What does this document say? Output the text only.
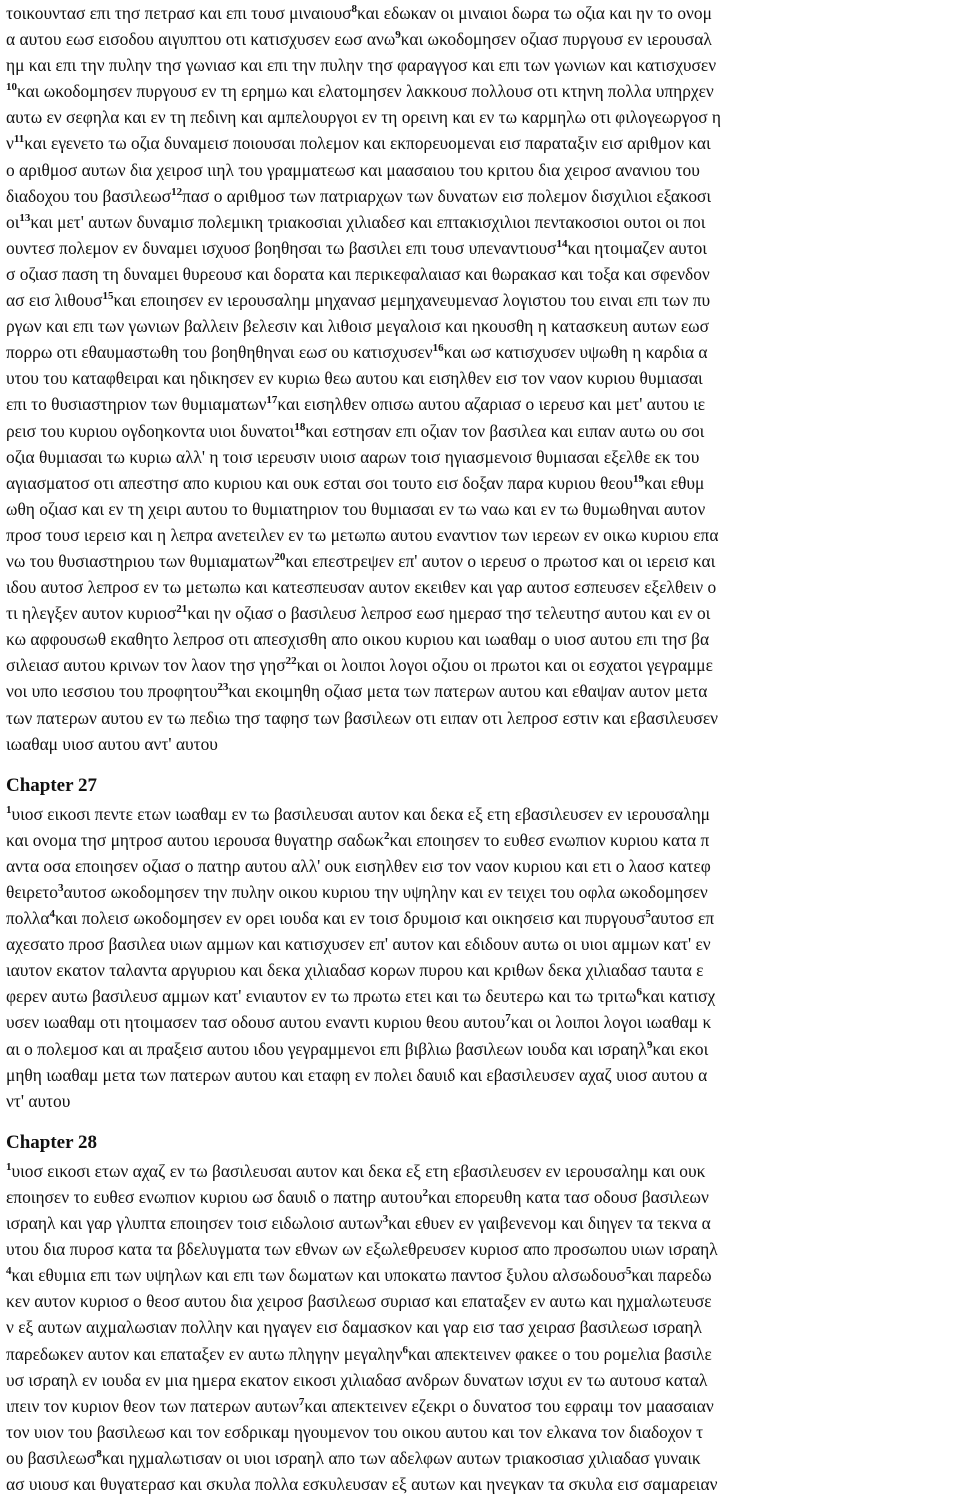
τοικουντασ επι τησ πετρασ και επι τουσ μιναιουσ$^8$και εδωκαν οι μιναιοι δωρα τω οζια και ην το ονομ
α αυτου εωσ εισοδου αιγυπτου οτι κατισχυσεν εωσ ανω$^9$και ωκοδομησεν οζιασ πυργουσ εν ιερουσαλ
ημ και επι την πυλην τησ γωνιασ και επι την πυλην τησ φαραγγοσ και επι των γωνιων και κατισχυσεν
$^{10}$και ωκοδομησεν πυργουσ εν τη ερημω και ελατομησεν λακκουσ πολλουσ οτι κτηνη πολλα υπηρχεν
αυτω εν σεφηλα και εν τη πεδινη και αμπελουργοι εν τη ορεινη και εν τω καρμηλω οτι φιλογεωργοσ η
$\nu^{11}\kappa\alpha\iota$ εγενετο τω οζια δυναμεισ ποιουσαι πολεμον και εκπορευομεναι εισ παραταξιν εισ αριθμον και
ο αριθμοσ αυτων δια χειροσ ιιηλ του γραμματεωσ και μαασαιου του κριτου δια χειροσ ανανιου του
διαδοχου του βασιλεωσ$^{12}$πασ ο αριθμοσ των πατριαρχων των δυνατων εισ πολεμον δισχιλιοι εξακοσι
$o\iota^{13}\kappa\alpha\iota$ μετ' αυτων δυναμισ πολεμικη τριακοσιαι χιλιαδεσ και επτακισχιλιοι πεντακοσιοι ουτοι οι ποι
ουντεσ πολεμον εν δυναμει ισχυοσ βοηθησαι τω βασιλει επι τουσ υπεναντιουσ$^{14}$και ητοιμαζεν αυτοι
σ οζιασ παση τη δυναμει θυρεουσ και δορατα και περικεφαλαιασ και θωρακασ και τοξα και σφενδον
ασ εισ λιθουσ$^{15}$και εποιησεν εν ιερουσαλημ μηχανασ μεμηχανευμενασ λογιστου του ειναι επι των πυ
ργων και επι των γωνιων βαλλειν βελεσιν και λιθοισ μεγαλοισ και ηκουσθη η κατασκευη αυτων εωσ
πορρω οτι εθαυμαστωθη του βοηθηθηναι εωσ ου κατισχυσεν$^{16}$και ωσ κατισχυσεν υψωθη η καρδια α
υτου του καταφθειραι και ηδικησεν εν κυριω θεω αυτου και εισηλθεν εισ τον ναον κυριου θυμιασαι
επι το θυσιαστηριον των θυμιαματων$^{17}$και εισηλθεν οπισω αυτου αζαριασ ο ιερευσ και μετ' αυτου ιε
ρεισ του κυριου ογδοηκοντα υιοι δυνατοι$^{18}$και εστησαν επι οζιαν τον βασιλεα και ειπαν αυτω ου σοι
οζια θυμιασαι τω κυριω αλλ' η τοισ ιερευσιν υιοισ ααρων τοισ ηγιασμενοισ θυμιασαι εξελθε εκ του
αγιασματοσ οτι απεστησ απο κυριου και ουκ εσται σοι τουτο εισ δοξαν παρα κυριου θεου$^{19}$και εθυμ
ωθη οζιασ και εν τη χειρι αυτου το θυμιατηριον του θυμιασαι εν τω ναω και εν τω θυμωθηναι αυτον
προσ τουσ ιερεισ και η λεπρα ανετειλεν εν τω μετωπω αυτου εναντιον των ιερεων εν οικω κυριου επα
νω του θυσιαστηριου των θυμιαματων$^{20}$και επεστρεψεν επ' αυτον ο ιερευσ ο πρωτοσ και οι ιερεισ και
ιδου αυτοσ λεπροσ εν τω μετωπω και κατεσπευσαν αυτον εκειθεν και γαρ αυτοσ εσπευσεν εξελθειν ο
τι ηλεγξεν αυτον κυριοσ$^{21}$και ην οζιασ ο βασιλευσ λεπροσ εωσ ημερασ τησ τελευτησ αυτου και εν οι
κω αφφουσωθ εκαθητο λεπροσ οτι απεσχισθη απο οικου κυριου και ιωαθαμ ο υιοσ αυτου επι τησ βα
σιλειασ αυτου κρινων τον λαον τησ γησ$^{22}$και οι λοιποι λογοι οζιου οι πρωτοι και οι εσχατοι γεγραμμε
νοι υπο ιεσσιου του προφητου$^{23}$και εκοιμηθη οζιασ μετα των πατερων αυτου και εθαψαν αυτον μετα
των πατερων αυτου εν τω πεδιω τησ ταφησ των βασιλεων οτι ειπαν οτι λεπροσ εστιν και εβασιλευσεν
ιωαθαμ υιοσ αυτου αντ' αυτου
Chapter 27
$^1$υιοσ εικοσι πεντε ετων ιωαθαμ εν τω βασιλευσαι αυτον και δεκα εξ ετη εβασιλευσεν εν ιερουσαλημ
και ονομα τησ μητροσ αυτου ιερουσα θυγατηρ σαδωκ$^2$και εποιησεν το ευθεσ ενωπιον κυριου κατα π
αντα οσα εποιησεν οζιασ ο πατηρ αυτου αλλ' ουκ εισηλθεν εισ τον ναον κυριου και ετι ο λαοσ κατεφ
θειρετο$^3$αυτοσ ωκοδομησεν την πυλην οικου κυριου την υψηλην και εν τειχει του οφλα ωκοδομησεν
πολλα$^4$και πολεισ ωκοδομησεν εν ορει ιουδα και εν τοισ δρυμοισ και οικησεισ και πυργουσ$^5$αυτοσ επ
αχεσατο προσ βασιλεα υιων αμμων και κατισχυσεν επ' αυτον και εδιδουν αυτω οι υιοι αμμων κατ' εν
ιαυτον εκατον ταλαντα αργυριου και δεκα χιλιαδασ κορων πυρου και κριθων δεκα χιλιαδασ ταυτα ε
φερεν αυτω βασιλευσ αμμων κατ' ενιαυτον εν τω πρωτω ετει και τω δευτερω και τω τριτω$^6$και κατισχ
υσεν ιωαθαμ οτι ητοιμασεν τασ οδουσ αυτου εναντι κυριου θεου αυτου$^7$και οι λοιποι λογοι ιωαθαμ κ
αι ο πολεμοσ και αι πραξεισ αυτου ιδου γεγραμμενοι επι βιβλιω βασιλεων ιουδα και ισραηλ$^9$και εκοι
μηθη ιωαθαμ μετα των πατερων αυτου και εταφη εν πολει δαυιδ και εβασιλευσεν αχαζ υιοσ αυτου α
ντ' αυτου
Chapter 28
$^1$υιοσ εικοσι ετων αχαζ εν τω βασιλευσαι αυτον και δεκα εξ ετη εβασιλευσεν εν ιερουσαλημ και ουκ
εποιησεν το ευθεσ ενωπιον κυριου ωσ δαυιδ ο πατηρ αυτου$^2$και επορευθη κατα τασ οδουσ βασιλεων
ισραηλ και γαρ γλυπτα εποιησεν τοισ ειδωλοισ αυτων$^3$και εθυεν εν γαιβενενομ και διηγεν τα τεκνα α
υτου δια πυροσ κατα τα βδελυγματα των εθνων ων εξωλεθρευσεν κυριοσ απο προσωπου υιων ισραηλ
$^4$και εθυμια επι των υψηλων και επι των δωματων και υποκατω παντοσ ξυλου αλσωδουσ$^5$και παρεδω
κεν αυτον κυριοσ ο θεοσ αυτου δια χειροσ βασιλεωσ συριασ και επαταξεν εν αυτω και ηχμαλωτευσε
ν εξ αυτων αιχμαλωσιαν πολλην και ηγαγεν εισ δαμασκον και γαρ εισ τασ χειρασ βασιλεωσ ισραηλ
παρεδωκεν αυτον και επαταξεν εν αυτω πληγην μεγαλην$^6$και απεκτεινεν φακεε ο του ρομελια βασιλε
υσ ισραηλ εν ιουδα εν μια ημερα εκατον εικοσι χιλιαδασ ανδρων δυνατων ισχυι εν τω αυτουσ καταλ
ιπειν τον κυριον θεον των πατερων αυτων$^7$και απεκτεινεν εζεκρι ο δυνατοσ του εφραιμ τον μαασαιαν
τον υιον του βασιλεωσ και τον εσδρικαμ ηγουμενον του οικου αυτου και τον ελκανα τον διαδοχον τ
ου βασιλεωσ$^8$και ηχμαλωτισαν οι υιοι ισραηλ απο των αδελφων αυτων τριακοσιασ χιλιαδασ γυναικ
ασ υιουσ και θυγατερασ και σκυλα πολλα εσκυλευσαν εξ αυτων και ηνεγκαν τα σκυλα εισ σαμαρειαν
